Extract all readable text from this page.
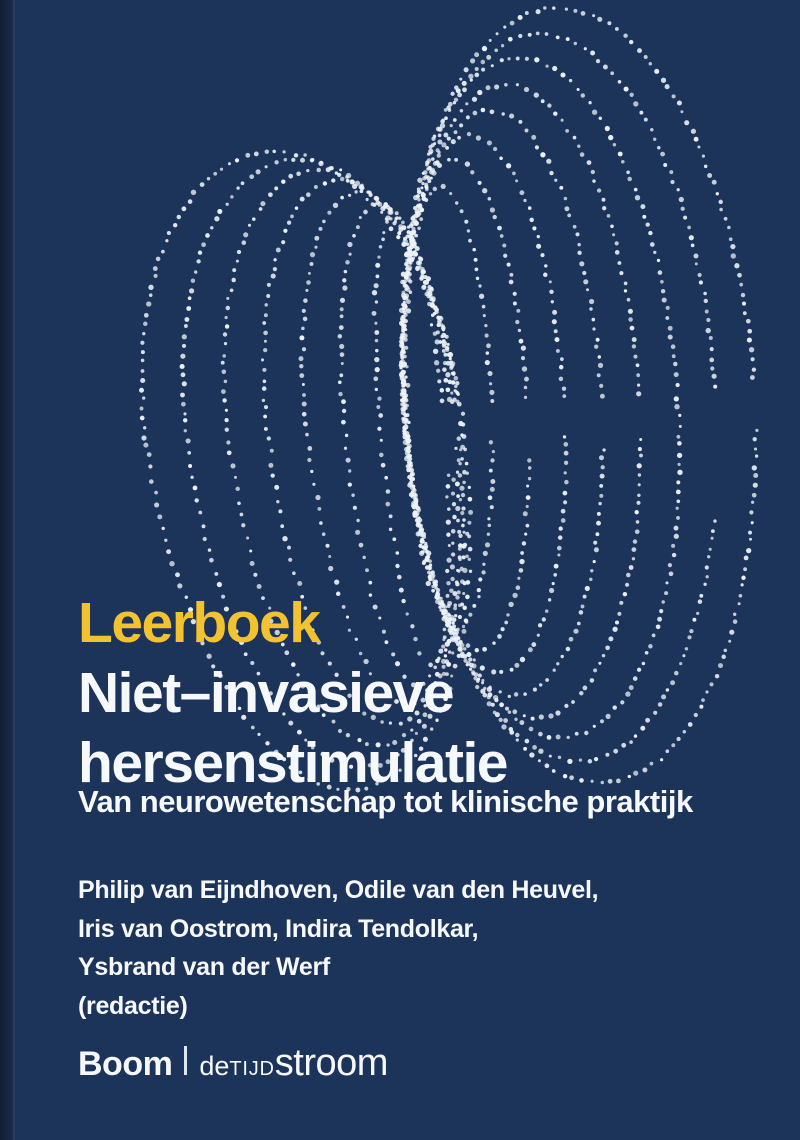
Leerboek
Niet–invasieve
hersenstimulatie
Van neurowetenschap tot klinische praktijk
Philip van Eijndhoven, Odile van den Heuvel,
Iris van Oostrom, Indira Tendolkar,
Ysbrand van der Werf
(redactie)
Boom de TIJD stroom
